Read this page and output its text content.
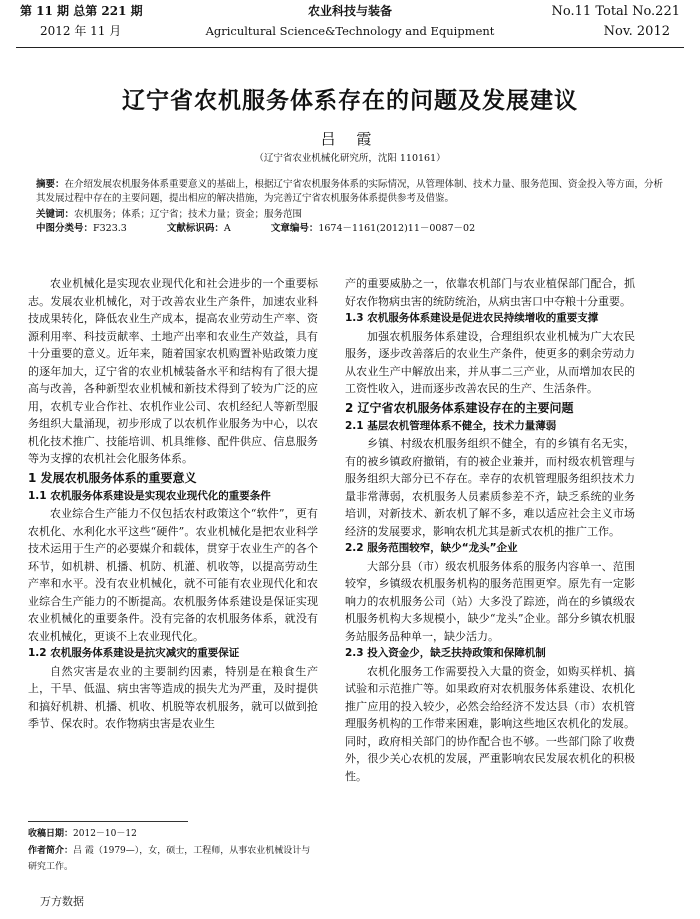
第 11 期 总第 221 期
2012 年 11 月
农业科技与装备
Agricultural Science&Technology and Equipment
No.11 Total No.221
Nov. 2012
辽宁省农机服务体系存在的问题及发展建议
吕 霞
（辽宁省农业机械化研究所，沈阳 110161）
摘要：在介绍发展农机服务体系重要意义的基础上，根据辽宁省农机服务体系的实际情况，从管理体制、技术力量、服务范围、资金投入等方面，分析其发展过程中存在的主要问题，提出相应的解决措施，为完善辽宁省农机服务体系提供参考及借鉴。
关键词：农机服务；体系；辽宁省；技术力量；资金；服务范围
中图分类号：F323.3	文献标识码：A	文章编号：1674－1161(2012)11－0087－02

农业机械化是实现农业现代化和社会进步的一个重要标志。发展农业机械化，对于改善农业生产条件，加速农业科技成果转化，降低农业生产成本，提高农业劳动生产率、资源利用率、科技贡献率、土地产出率和农业生产效益，具有十分重要的意义。近年来，随着国家农机购置补贴政策力度的逐年加大，辽宁省的农业机械装备水平和结构有了很大提高与改善，各种新型农业机械和新技术得到了较为广泛的应用，农机专业合作社、农机作业公司、农机经纪人等新型服务组织大量涌现，初步形成了以农机作业服务为中心，以农机化技术推广、技能培训、机具维修、配件供应、信息服务等为支撑的农机社会化服务体系。

1 发展农机服务体系的重要意义
1.1 农机服务体系建设是实现农业现代化的重要条件

农业综合生产能力不仅包括农村政策这个“软件”，更有农机化、水利化水平这些“硬件”。农业机械化是把农业科学技术运用于生产的必要媒介和载体，贯穿于农业生产的各个环节，如机耕、机播、机防、机灌、机收等，以提高劳动生产率和水平。没有农业机械化，就不可能有农业现代化和农业综合生产能力的不断提高。农机服务体系建设是保证实现农业机械化的重要条件。没有完备的农机服务体系，就没有农业机械化，更谈不上农业现代化。

1.2 农机服务体系建设是抗灾减灾的重要保证

自然灾害是农业的主要制约因素，特别是在粮食生产上，干旱、低温、病虫害等造成的损失尤为严重，及时提供和搞好机耕、机播、机收、机脱等农机服务，就可以做到抢季节、保农时。农作物病虫害是农业生

产的重要威胁之一，依靠农机部门与农业植保部门配合，抓好农作物病虫害的统防统治，从病虫害口中夺粮十分重要。

1.3 农机服务体系建设是促进农民持续增收的重要支撑

加强农机服务体系建设，合理组织农业机械为广大农民服务，逐步改善落后的农业生产条件，使更多的剩余劳动力从农业生产中解放出来，并从事二三产业，从而增加农民的工资性收入，进而逐步改善农民的生产、生活条件。

2 辽宁省农机服务体系建设存在的主要问题
2.1 基层农机管理体系不健全，技术力量薄弱

乡镇、村级农机服务组织不健全，有的乡镇有名无实，有的被乡镇政府撤销，有的被企业兼并，而村级农机管理与服务组织大部分已不存在。幸存的农机管理服务组织技术力量非常薄弱，农机服务人员素质参差不齐，缺乏系统的业务培训，对新技术、新农机了解不多，难以适应社会主义市场经济的发展要求，影响农机尤其是新式农机的推广工作。

2.2 服务范围较窄，缺少“龙头”企业

大部分县（市）级农机服务体系的服务内容单一、范围较窄，乡镇级农机服务机构的服务范围更窄。原先有一定影响力的农机服务公司（站）大多没了踪迹，尚在的乡镇级农机服务机构大多规模小，缺少“龙头”企业。部分乡镇农机服务站服务品种单一，缺少活力。

2.3 投入资金少，缺乏扶持政策和保障机制

农机化服务工作需要投入大量的资金，如购买样机、搞试验和示范推广等。如果政府对农机服务体系建设、农机化推广应用的投入较少，必然会给经济不发达县（市）农机管理服务机构的工作带来困难，影响这些地区农机化的发展。同时，政府相关部门的协作配合也不够。一些部门除了收费外，很少关心农机的发展，严重影响农民发展农机化的积极性。

收稿日期：2012－10－12
作者简介：吕 霞（1979—），女，硕士，工程师，从事农业机械设计与研究工作。
万方数据
